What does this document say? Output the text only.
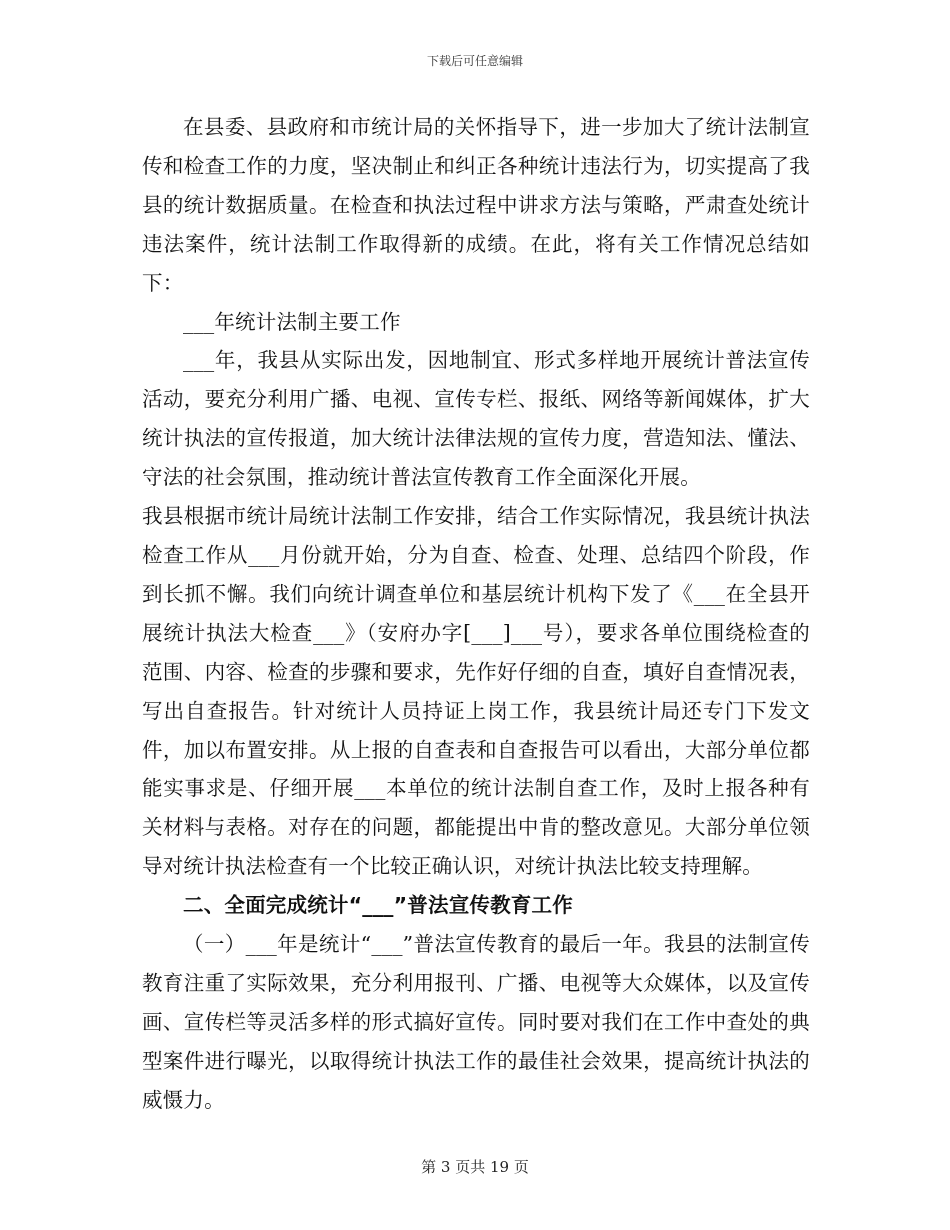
下载后可任意编辑

在县委、县政府和市统计局的关怀指导下，进一步加大了统计法制宣传和检查工作的力度，坚决制止和纠正各种统计违法行为，切实提高了我县的统计数据质量。在检查和执法过程中讲求方法与策略，严肃查处统计违法案件，统计法制工作取得新的成绩。在此，将有关工作情况总结如下：

___年统计法制主要工作

___年，我县从实际出发，因地制宜、形式多样地开展统计普法宣传活动，要充分利用广播、电视、宣传专栏、报纸、网络等新闻媒体，扩大统计执法的宣传报道，加大统计法律法规的宣传力度，营造知法、懂法、守法的社会氛围，推动统计普法宣传教育工作全面深化开展。

我县根据市统计局统计法制工作安排，结合工作实际情况，我县统计执法检查工作从___月份就开始，分为自查、检查、处理、总结四个阶段，作到长抓不懈。我们向统计调查单位和基层统计机构下发了《___在全县开展统计执法大检查___》（安府办字[___]___号），要求各单位围绕检查的范围、内容、检查的步骤和要求，先作好仔细的自查，填好自查情况表，写出自查报告。针对统计人员持证上岗工作，我县统计局还专门下发文件，加以布置安排。从上报的自查表和自查报告可以看出，大部分单位都能实事求是、仔细开展___本单位的统计法制自查工作，及时上报各种有关材料与表格。对存在的问题，都能提出中肯的整改意见。大部分单位领导对统计执法检查有一个比较正确认识，对统计执法比较支持理解。

二、全面完成统计“___”普法宣传教育工作

（一）___年是统计“___”普法宣传教育的最后一年。我县的法制宣传教育注重了实际效果，充分利用报刊、广播、电视等大众媒体，以及宣传画、宣传栏等灵活多样的形式搞好宣传。同时要对我们在工作中查处的典型案件进行曝光，以取得统计执法工作的最佳社会效果，提高统计执法的威慑力。

第 3 页共 19 页
